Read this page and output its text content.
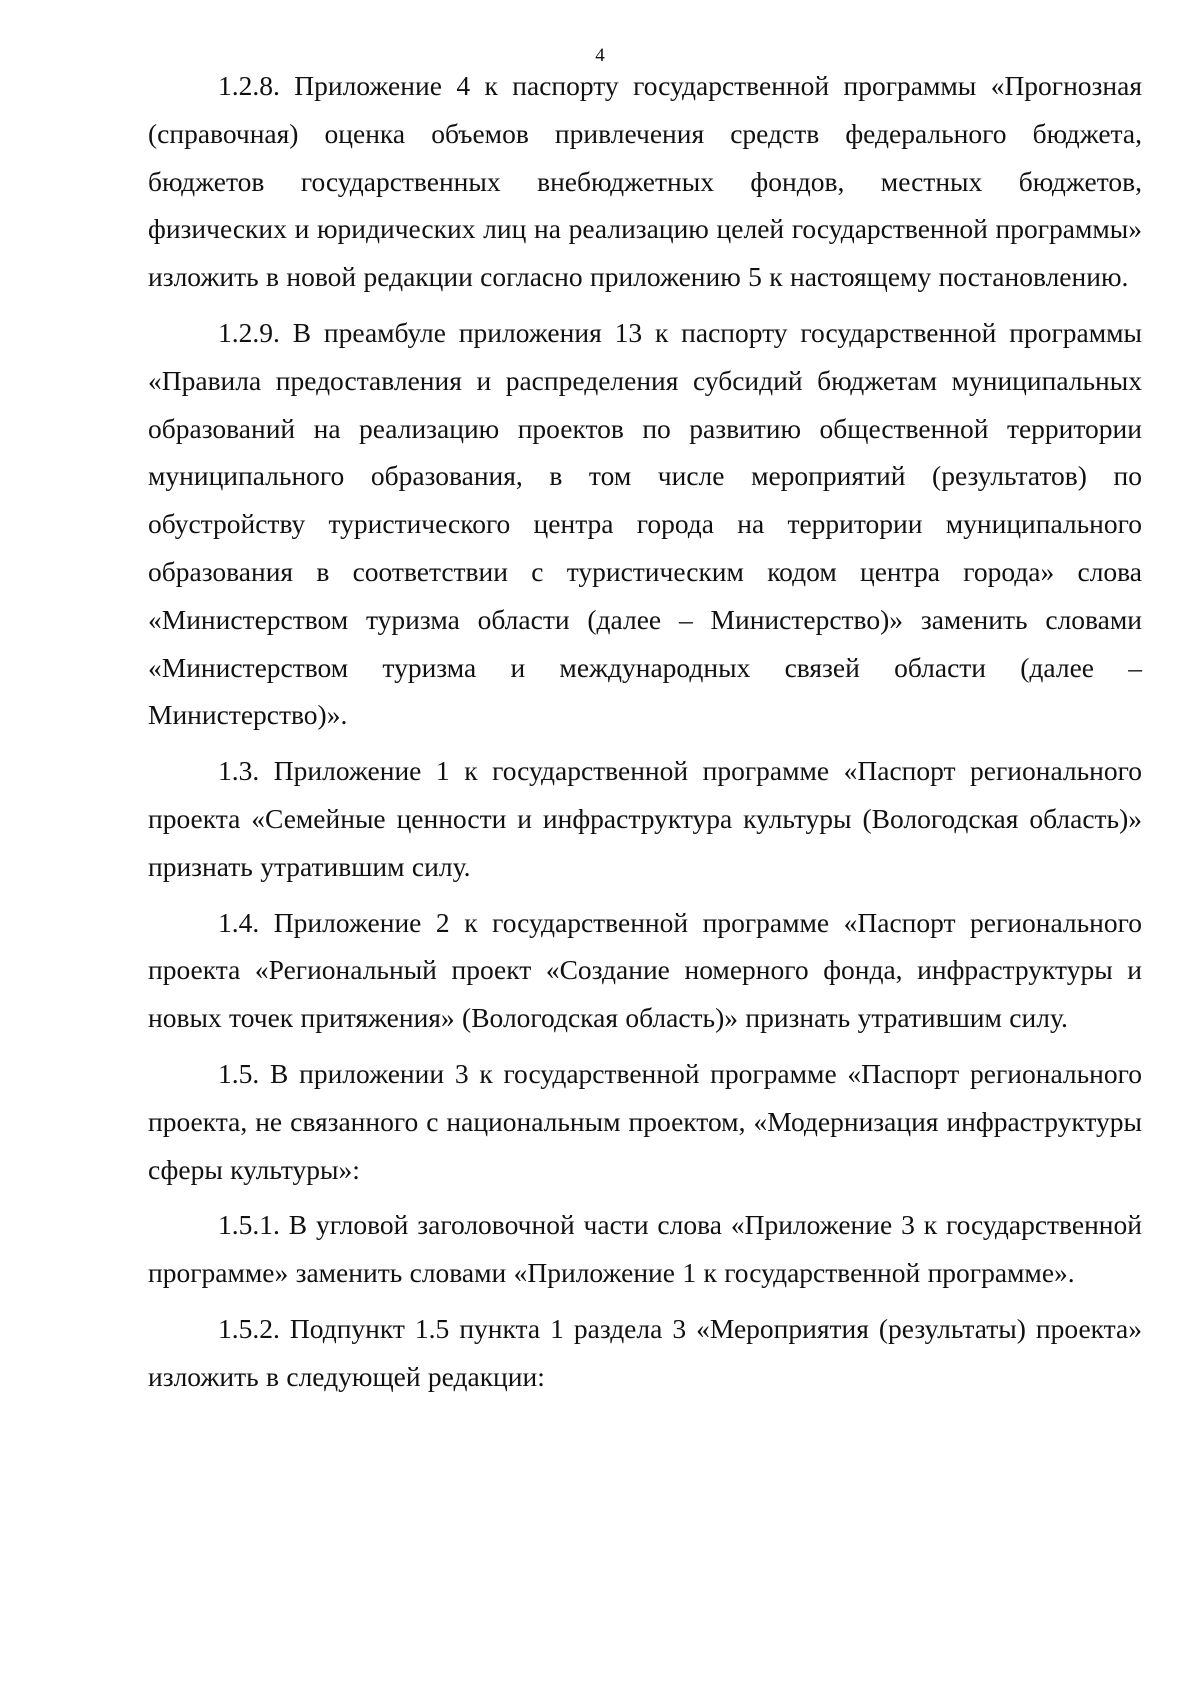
4

1.2.8. Приложение 4 к паспорту государственной программы «Прогнозная (справочная) оценка объемов привлечения средств федерального бюджета, бюджетов государственных внебюджетных фондов, местных бюджетов, физических и юридических лиц на реализацию целей государственной программы» изложить в новой редакции согласно приложению 5 к настоящему постановлению.

1.2.9. В преамбуле приложения 13 к паспорту государственной программы «Правила предоставления и распределения субсидий бюджетам муниципальных образований на реализацию проектов по развитию общественной территории муниципального образования, в том числе мероприятий (результатов) по обустройству туристического центра города на территории муниципального образования в соответствии с туристическим кодом центра города» слова «Министерством туризма области (далее – Министерство)» заменить словами «Министерством туризма и международных связей области (далее – Министерство)».

1.3. Приложение 1 к государственной программе «Паспорт регионального проекта «Семейные ценности и инфраструктура культуры (Вологодская область)» признать утратившим силу.

1.4. Приложение 2 к государственной программе «Паспорт регионального проекта «Региональный проект «Создание номерного фонда, инфраструктуры и новых точек притяжения» (Вологодская область)» признать утратившим силу.

1.5. В приложении 3 к государственной программе «Паспорт регионального проекта, не связанного с национальным проектом, «Модернизация инфраструктуры сферы культуры»:

1.5.1. В угловой заголовочной части слова «Приложение 3 к государственной программе» заменить словами «Приложение 1 к государственной программе».

1.5.2. Подпункт 1.5 пункта 1 раздела 3 «Мероприятия (результаты) проекта» изложить в следующей редакции:
